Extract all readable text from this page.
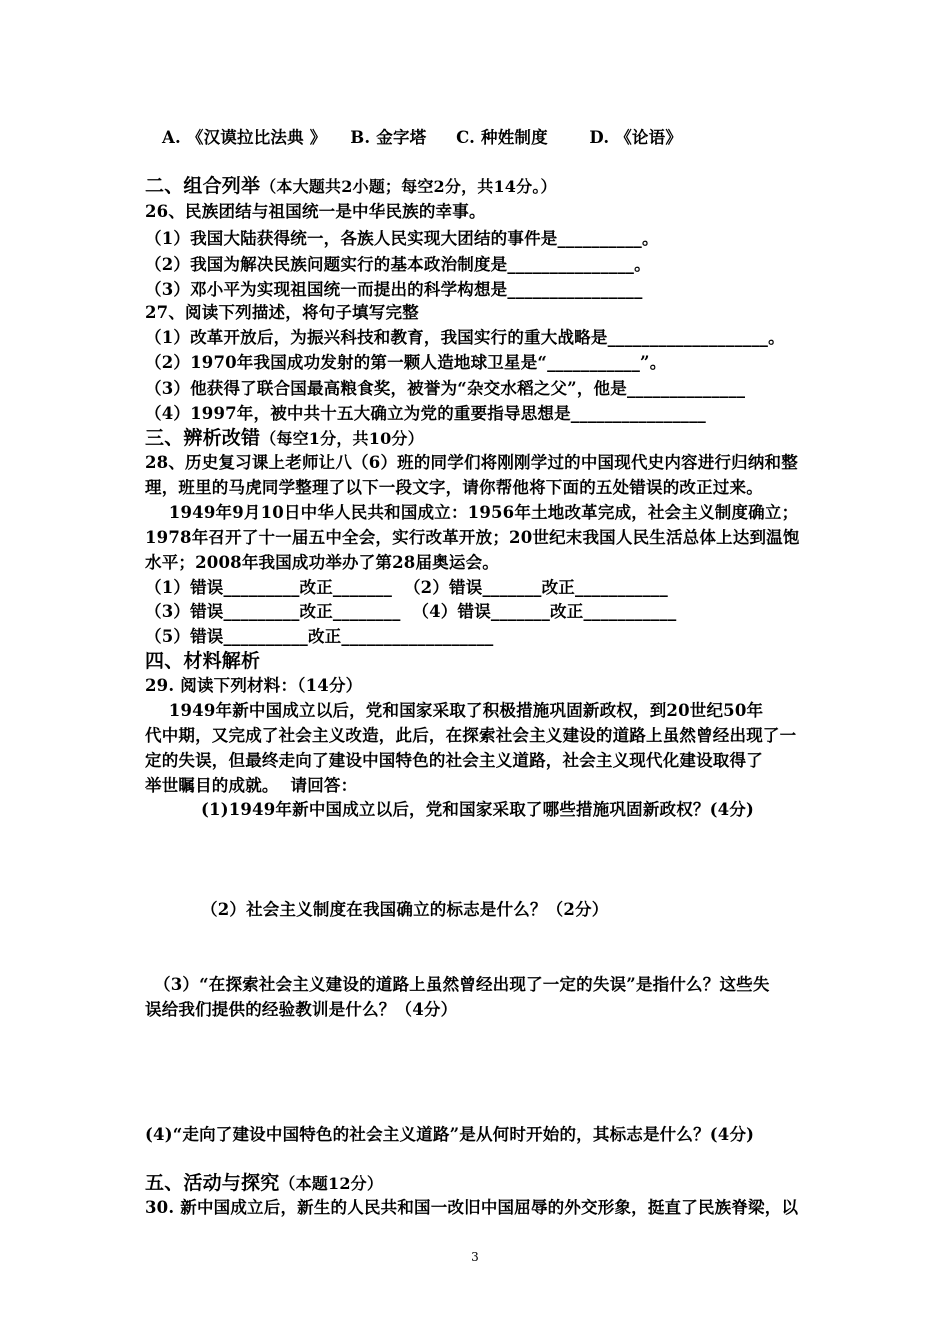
A. 《汉谟拉比法典 》    B. 金字塔     C. 种姓制度       D. 《论语》
二、组合列举（本大题共2小题；每空2分，共14分。）
26、民族团结与祖国统一是中华民族的幸事。
（1）我国大陆获得统一，各族人民实现大团结的事件是__________。
（2）我国为解决民族问题实行的基本政治制度是_______________。
（3）邓小平为实现祖国统一而提出的科学构想是________________
27、阅读下列描述，将句子填写完整
（1）改革开放后，为振兴科技和教育，我国实行的重大战略是___________________。
（2）1970年我国成功发射的第一颗人造地球卫星是“___________”。
（3）他获得了联合国最高粮食奖，被誉为“杂交水稻之父”，他是______________
（4）1997年，被中共十五大确立为党的重要指导思想是________________
三、辨析改错（每空1分，共10分）
28、历史复习课上老师让八（6）班的同学们将刚刚学过的中国现代史内容进行归纳和整
理，班里的马虎同学整理了以下一段文字，请你帮他将下面的五处错误的改正过来。
1949年9月10日中华人民共和国成立：1956年土地改革完成，社会主义制度确立；
1978年召开了十一届五中全会，实行改革开放；20世纪末我国人民生活总体上达到温饱
水平；2008年我国成功举办了第28届奥运会。
（1）错误_________改正_______  （2）错误_______改正___________
（3）错误_________改正________  （4）错误_______改正___________
（5）错误__________改正__________________
四、材料解析
29. 阅读下列材料：（14分）
1949年新中国成立以后，党和国家采取了积极措施巩固新政权，到20世纪50年
代中期，又完成了社会主义改造，此后，在探索社会主义建设的道路上虽然曾经出现了一
定的失误，但最终走向了建设中国特色的社会主义道路，社会主义现代化建设取得了
举世瞩目的成就。  请回答：
(1)1949年新中国成立以后，党和国家采取了哪些措施巩固新政权？(4分)
（2）社会主义制度在我国确立的标志是什么？（2分）
（3）“在探索社会主义建设的道路上虽然曾经出现了一定的失误”是指什么？这些失
误给我们提供的经验教训是什么？（4分）
(4)“走向了建设中国特色的社会主义道路”是从何时开始的，其标志是什么？(4分)
五、活动与探究（本题12分）
30. 新中国成立后，新生的人民共和国一改旧中国屈辱的外交形象，挺直了民族脊梁，以
3
